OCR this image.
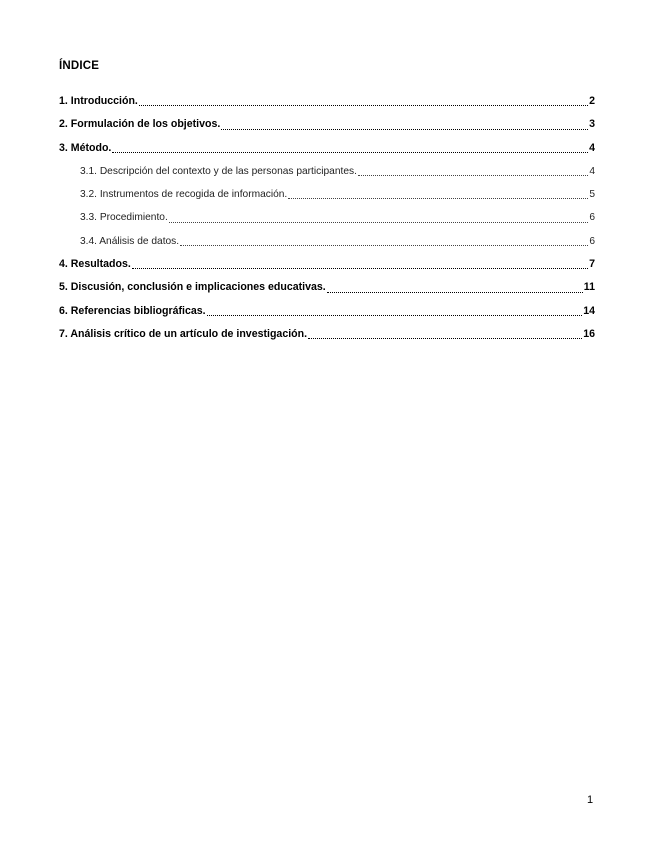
ÍNDICE
1. Introducción.	2
2. Formulación de los objetivos.	3
3. Método.	4
3.1. Descripción del contexto y de las personas participantes.	4
3.2. Instrumentos de recogida de información.	5
3.3. Procedimiento.	6
3.4. Análisis de datos.	6
4. Resultados.	7
5. Discusión, conclusión e implicaciones educativas.	11
6. Referencias bibliográficas.	14
7. Análisis crítico de un artículo de investigación.	16
1
